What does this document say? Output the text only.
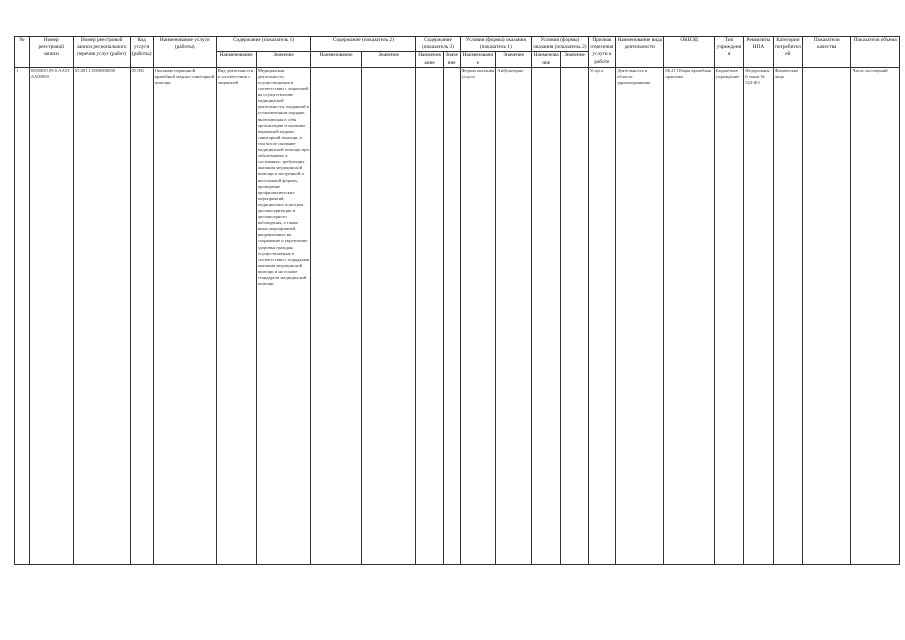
№	Номер реестровой записи	Номер реестровой записи регионального перечня услуг (работ)	Код услуги (работы)	Наименование услуги (работы)	Содержание (показатель 1)		Содержание (показатель 2)		Содержание (показатель 3)		Условия (формы) оказания (показатель 1)		Условия (формы) оказания (показатель 2)		Признак отнесения услуги к работе	Наименование вида деятельности	ОКВЭД	Тип учреждения	Реквизиты НПА	Категории потребителей	Показатели качества	Показатели объема
					Наименование	Значение	Наименование	Значение	Наименование	Значение	Наименование	Значение	Наименование	Значение								
1	850000О.99.0.АА53АА00000	05.001.1.0000000000	05.001	Оказание первичной врачебной медико-санитарной помощи	Вид деятельности в соответствии с лицензией	Медицинская деятельность, осуществляемая в соответствии с лицензией на осуществление медицинской деятельности, выданной в установленном порядке, включающая в себя организацию и оказание первичной медико-санитарной помощи, в том числе оказание медицинской помощи при заболеваниях и состояниях, требующих оказания медицинской помощи в экстренной и неотложной формах, проведение профилактических мероприятий, медицинских осмотров, диспансеризации и диспансерного наблюдения, а также иных мероприятий, направленных на сохранение и укрепление здоровья граждан, осуществляемых в соответствии с порядками оказания медицинской помощи и на основе стандартов медицинской помощи					Формы оказания услуги	Амбулаторно			Услуга	Деятельность в области здравоохранения	86.21 Общая врачебная практика	Бюджетное учреждение	Федеральный закон № 323-ФЗ	Физические лица		Число посещений
